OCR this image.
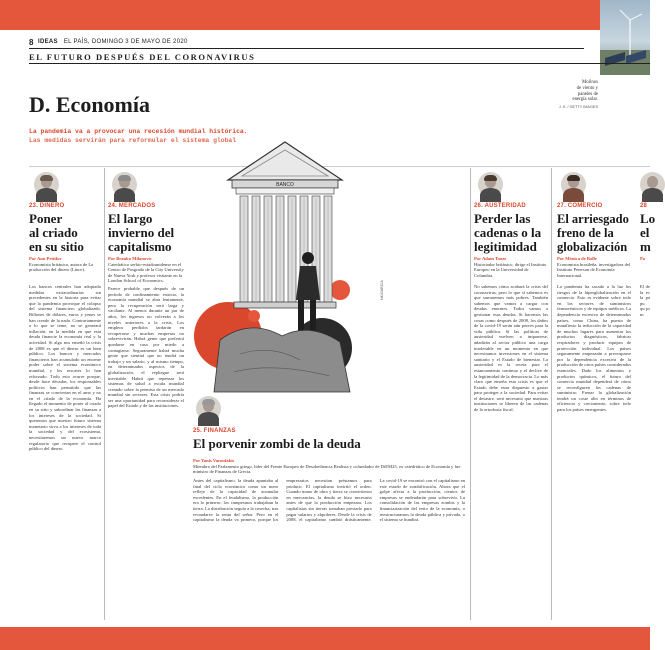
8 IDEAS EL PAÍS, DOMINGO 3 DE MAYO DE 2020
EL FUTURO DESPUÉS DEL CORONAVIRUS
Molinos
de viento y
paneles de
energía solar.
J. K. / GETTY IMAGES
D. Economía
La pandemia va a provocar una recesión mundial histórica.
Las medidas servirán para reformular el sistema global
23. DINERO
Poner
al criado
en su sitio
Por Ann Pettifor
Economista británica, autora de La producción del dinero (Lince).
Los bancos centrales han adoptado medidas extraordinarias sin precedentes en la historia para evitar que la pandemia provoque el colapso del sistema financiero globalizado. Billones de dólares, euros y yenes se han creado de la nada. Contrariamente a lo que se teme, no se generará inflación, en la medida en que esta deuda financie la economía real y la actividad. Si algo nos enseñó la crisis de 2008 es que el dinero es un bien público. Los bancos y mercados financieros han acumulado un enorme poder sobre el sistema económico mundial, y los rescates lo han reforzado. Todo esto ocurre porque, desde hace décadas, los responsables políticos han permitido que las finanzas se conviertan en el amo y no en el criado de la economía. Ha llegado el momento de poner al criado en su sitio y subordinar las finanzas a los intereses de la sociedad. Si queremos que nuestro futuro sistema monetario sirva a los intereses de toda la sociedad y del ecosistema, necesitaremos un nuevo marco regulatorio que recupere el control público del dinero.
24. MERCADOS
El largo
invierno del
capitalismo
Por Branko Milanovic
Catedrático serbio-estadounidense en el Centro de Posgrado de la City University de Nueva York y profesor visitante en la London School of Economics.
Parece probable que después de un período de confinamiento estricto, la economía mundial se abra lentamente, pero la recuperación será larga y vacilante. Al menos durante un par de años, los ingresos no volverán a los niveles anteriores a la crisis. Los empleos perdidos tardarán en recuperarse y muchas empresas no sobrevivirán. Habrá gente que preferirá quedarse en casa por miedo a contagiarse. Seguramente habrá mucha gente que sientirá que no tendrá un trabajo y un salario, y al mismo tiempo, en determinados aspectos de la globalización, el repliegue será inevitable. Habrá que repensar los sistemas de salud a escala mundial creando sobre la premisa de un mercado mundial sin sectores. Esta crisis podría ser una oportunidad para reconsiderar el papel del Estado y de las instituciones.
BANCO
NK/GARCÍA
25. FINANZAS
El porvenir zombi de la deuda
Por Yanis Varoufakis
Miembro del Parlamento griego, líder del Frente Europeo de Desobediencia Realista y cofundador de DiEM25, ex catedrático de Economía y fue ministro de Finanzas de Grecia.
Antes del capitalismo, la deuda apuntaba al final del ciclo económico como un mero reflejo de la capacidad de acumular excedentes. En el feudalismo, la producción era lo primero: los campesinos trabajaban la tierra. La distribución seguía a la cosecha, tras recaudarse la renta del señor. Pero en el capitalismo la deuda va primero, porque los empresarios necesitan préstamos para producir. El capitalismo invirtió el orden. Cuando mano de obra y tierra se convirtieron en mercancías, la deuda se hizo necesaria antes de que la producción empezara. Los capitalistas sin tierras tomaban prestado para pagar salarios y alquileres. Desde la crisis de 2008, el capitalismo cambió drásticamente. La covid-19 se encontró con el capitalismo en este estado de zombificación. Ahora que el golpe afecta a la producción, cientos de empresas se endeudarán para sobrevivir. La consolidación de las empresas zombis y la financiarización del resto de la economía, o reestructuramos la deuda pública y privada, o el sistema se hundirá.
26. AUSTERIDAD
Perder las
cadenas o la
legitimidad
Por Adam Tooze
Historiador británico, dirige el Instituto Europeo en la Universidad de Columbia.
No sabemos cómo acabará la crisis del coronavirus, pero lo que sí sabemos es que sumaremos más pobres. También sabemos que vamos a cargar con deudas enormes. Todos vamos a gestionar esas deudas. Si hacemos las cosas como después de 2008, los daños de la covid-19 serán aún peores para la vida pública. Si las políticas de austeridad vuelven a imponerse, añadirán al sector público una carga intolerable en un momento en que necesitamos inversiones en el sistema sanitario y el Estado de bienestar. La austeridad es la receta para el estancamiento continuo y el declive de la legitimidad de la democracia. Lo más claro que enseña esta crisis es que el Estado debe estar dispuesto a gastar para proteger a la sociedad. Para evitar el desastre, será necesario que nuestras instituciones se liberen de las cadenas de la ortodoxia fiscal.
27. COMERCIO
El arriesgado
freno de la
globalización
Por Mónica de Bolle
Economista brasileña, investigadora del Instituto Peterson de Economía Internacional.
La pandemia ha sacado a la luz los riesgos de la hiperglobalización en el comercio. Esto es evidente sobre todo en los sectores de suministros farmacéuticos y de equipos médicos. La dependencia excesiva de determinados países, como China, ha puesto de manifiesto la reducción de la capacidad de muchos lugares para aumentar los productos diagnósticos, fabricar respiradores y producir equipos de protección individual. Los países seguramente empezarán a preocuparse por la dependencia excesiva de la producción de otros países considerados esenciales. Dado los alimentos y productos químicos, el futuro del comercio mundial dependerá de cómo se reconfiguren las cadenas de suministro. Frenar la globalización tendrá un coste alto en términos de eficiencia y crecimiento, sobre todo para los países emergentes.
28
Lo
el
m
Po
El de la ec la pa pu qu pr m
